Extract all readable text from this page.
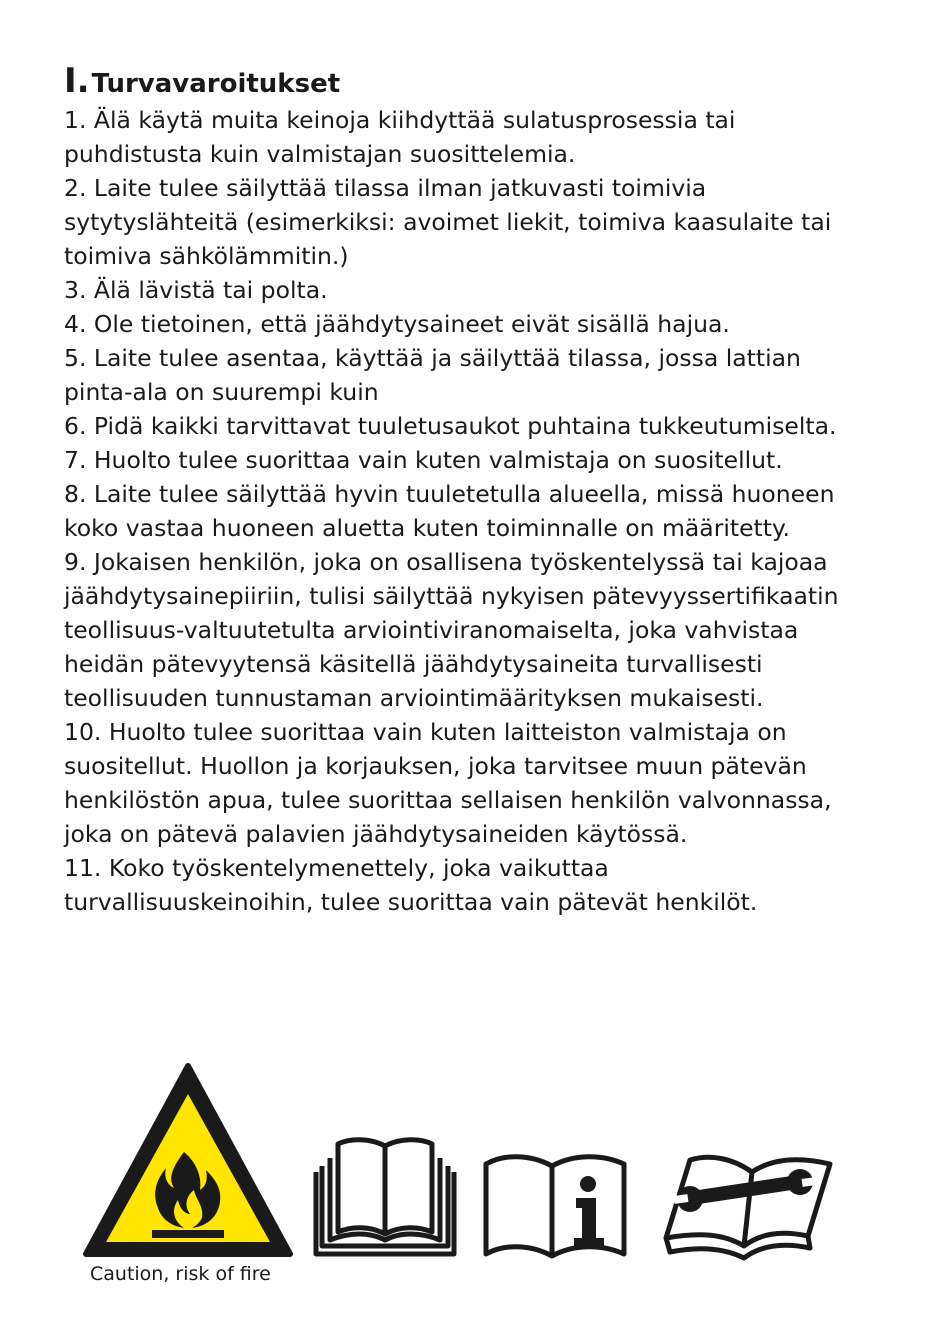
I. Turvavaroitukset
1. Älä käytä muita keinoja kiihdyttää sulatusprosessia tai puhdistusta kuin valmistajan suosittelemia.
2. Laite tulee säilyttää tilassa ilman jatkuvasti toimivia sytytyslähteitä (esimerkiksi: avoimet liekit, toimiva kaasulaite tai toimiva sähkölämmitin.)
3. Älä lävistä tai polta.
4. Ole tietoinen, että jäähdytysaineet eivät sisällä hajua.
5. Laite tulee asentaa, käyttää ja säilyttää tilassa, jossa lattian pinta-ala on suurempi kuin
6. Pidä kaikki tarvittavat tuuletusaukot puhtaina tukkeutumiselta.
7. Huolto tulee suorittaa vain kuten valmistaja on suositellut.
8. Laite tulee säilyttää hyvin tuuletetulla alueella, missä huoneen koko vastaa huoneen aluetta kuten toiminnalle on määritetty.
9. Jokaisen henkilön, joka on osallisena työskentelyssä tai kajoaa jäähdytysainepiiriin, tulisi säilyttää nykyisen pätevyyssertifikaatin teollisuus-valtuutetulta arviointiviranomaiselta, joka vahvistaa heidän pätevyytensä käsitellä jäähdytysaineita turvallisesti teollisuuden tunnustaman arviointimäärityksen mukaisesti.
10. Huolto tulee suorittaa vain kuten laitteiston valmistaja on suositellut. Huollon ja korjauksen, joka tarvitsee muun pätevän henkilöstön apua, tulee suorittaa sellaisen henkilön valvonnassa, joka on pätevä palavien jäähdytysaineiden käytössä.
11. Koko työskentelymenettely, joka vaikuttaa turvallisuuskeinoihin, tulee suorittaa vain pätevät henkilöt.
Caution, risk of fire
